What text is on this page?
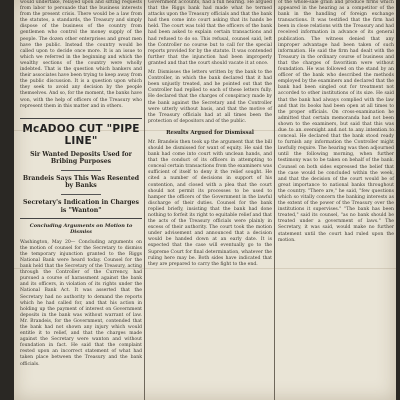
would undertake, relayed upon and sifting requests from labor to persuade that the business interests from the present crisis. There would be a law from the statutes, a standards, the Treasury and simply dispose of the business of the country from gentlemen who control the money supply of the people. The dozen other enterprises and great men have the public. Instead the country would be called upon to decide once more. It is an issue to which we referred in the beginning and which the wealthy sections of the country were wholly indebted. That is the question which bankers and their associates have been trying to keep away from the public discussion. It is a question upon which they seek to avoid any decision by the people themselves. And so, for the moment, the banks have won, with the help of officers of the Treasury who represent them in this matter and in others.

McADOO CUT "PIPE LINE"

Sir Wanted Deposits Used for Bribing Purposes

Brandeis Says This Was Resented by Banks

Secretary's Indication in Charges is "Wanton"

Concluding Arguments on Motion to Dismiss

Washington, May 20— Concluding arguments on the motion of counsel for the Secretary to dismiss the temporary injunction granted to the Riggs National Bank were heard today. Counsel for the bank held that the Secretary of the Treasury, acting through the Controller of the Currency, had pursued a course of harassment against the bank and its officers, in violation of its rights under the National Bank Act. It was asserted that the Secretary had no authority to demand the reports which he had called for, and that his action in holding up the payment of interest on Government deposits in the bank was without warrant of law. Mr. Brandeis, for the Government, contended that the bank had not shown any injury which would entitle it to relief, and that the charges made against the Secretary were wanton and without foundation in fact. He said that the complaint rested upon an incorrect statement of what had taken place between the Treasury and the bank officials.

Government accounts, had a full hearing. He argued that the Riggs bank had made what he termed attacks upon the Treasury officials and that the bank had then come into court asking that its hands be held. The court was told that the officers of the bank had been asked to explain certain transactions and had refused to do so. This refusal, counsel said, left the Controller no course but to call for the special reports provided for by the statute. It was contended further that the injunction had been improperly granted and that the court should vacate it at once.

Mr. Dismisses the letters written by the bank to the Controller, in which the bank declared that it had been unjustly treated, and he pointed out that the Controller had replied to each of these letters fully. He declared that the charges of conspiracy made by the bank against the Secretary and the Controller were utterly without basis, and that the motive of the Treasury officials had at all times been the protection of depositors and of the public.

Results Argued for Dismissal

Mr. Brandeis then took up the argument that the bill should be dismissed for want of equity. He said the bank had come into court with unclean hands, and that the conduct of its officers in attempting to conceal certain transactions from the examiners was sufficient of itself to deny it the relief sought. He cited a number of decisions in support of his contention, and closed with a plea that the court should not permit its processes to be used to hamper the officers of the Government in the lawful discharge of their duties. Counsel for the bank replied briefly, insisting that the bank had done nothing to forfeit its right to equitable relief and that the acts of the Treasury officials were plainly in excess of their authority. The court took the motion under advisement and announced that a decision would be handed down at an early date. It is expected that the case will eventually go to the Supreme Court for final determination, whatever the ruling here may be. Both sides have indicated that they are prepared to carry the fight to the end.

of the whole-sale grain and produce firms which appeared in the hearing as a competitor of the bank in the handling of foreign exchange transactions. It was testified that the firm had been in close relations with the Treasury and had received information in advance of its general publication. The witness denied that any improper advantage had been taken of such information. He said the firm had dealt with the Treasury in the ordinary course of business and that the charges of favoritism were without foundation. He was followed on the stand by an officer of the bank who described the methods employed by the examiners and declared that the bank had been singled out for treatment not accorded to other institutions of its size. He said that the bank had always complied with the law and that its books had been open at all times to the proper officials. On cross-examination he admitted that certain memoranda had not been shown to the examiners, but said that this was due to an oversight and not to any intention to conceal. He declared that the bank stood ready to furnish any information the Controller might lawfully require. The hearing was then adjourned until the following morning, when further testimony was to be taken on behalf of the bank. Counsel on both sides expressed the belief that the case would be concluded within the week, and that the decision of the court would be of great importance to national banks throughout the country. "There are," he said, "few questions which so vitally concern the banking interests as the extent of the power of the Treasury over the institutions it supervises." "The bank has been treated," said its counsel, "as no bank should be treated under a government of laws." The Secretary, it was said, would make no further statement until the court had ruled upon the motion.
